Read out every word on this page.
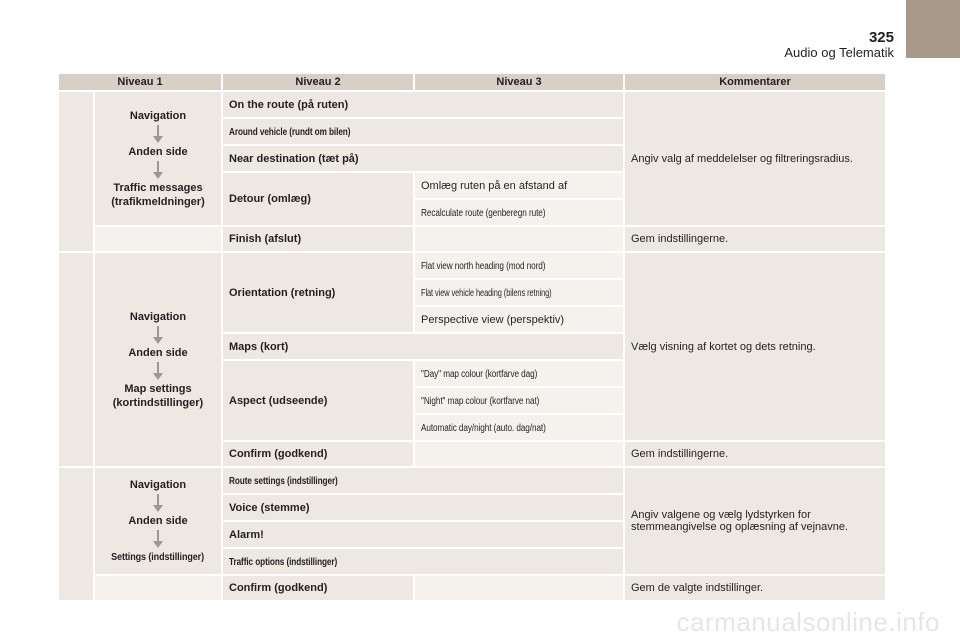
325
Audio og Telematik
Niveau 1		Niveau 2	Niveau 3	Kommentarer

	Navigation
Anden side
Traffic messages (trafikmeldninger)	On the route (på ruten)		Angiv valg af meddelelser og filtreringsradius.
		Around vehicle (rundt om bilen)		
		Near destination (tæt på)		
		Detour (omlæg)	Omlæg ruten på en afstand af	
			Recalculate route (genberegn rute)	
		Finish (afslut)		Gem indstillingerne.

	Navigation
Anden side
Map settings (kortindstillinger)	Orientation (retning)	Flat view north heading (mod nord)	Vælg visning af kortet og dets retning.
			Flat view vehicle heading (bilens retning)	
			Perspective view (perspektiv)	
		Maps (kort)		
		Aspect (udseende)	"Day" map colour (kortfarve dag)	
			"Night" map colour (kortfarve nat)	
			Automatic day/night (auto. dag/nat)	
		Confirm (godkend)		Gem indstillingerne.

	Navigation
Anden side
Settings (indstillinger)	Route settings (indstillinger)		Angiv valgene og vælg lydstyrken for stemmeangivelse og oplæsning af vejnavne.
		Voice (stemme)		
		Alarm!		
		Traffic options (indstillinger)		
		Confirm (godkend)		Gem de valgte indstillinger.
carmanualsonline.info
